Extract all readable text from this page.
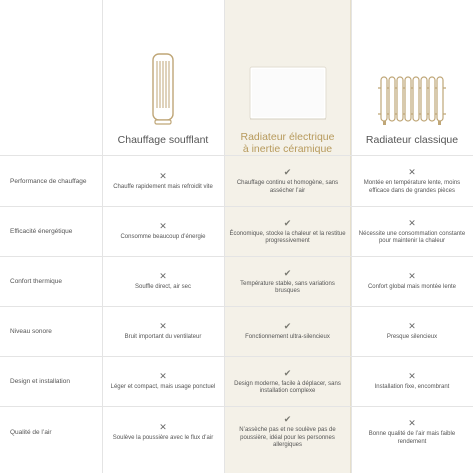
Chauffage soufflant	Radiateur électrique
à inertie céramique
Radiateur classique
Performance de chauffage
✕
Chauffe rapidement mais refroidit vite
✔
Chauffage continu et homogène, sans assécher l’air
✕
Montée en température lente, moins efficace dans de grandes pièces
Efficacité énergétique
✕
Consomme beaucoup d’énergie
✔
Économique, stocke la chaleur et la restitue progressivement
✕
Nécessite une consommation constante pour maintenir la chaleur
Confort thermique
✕
Souffle direct, air sec
✔
Température stable, sans variations brusques
✕
Confort global mais montée lente
Niveau sonore
✕
Bruit important du ventilateur
✔
Fonctionnement ultra-silencieux
✕
Presque silencieux
Design et installation
✕
Léger et compact, mais usage ponctuel
✔
Design moderne, facile à déplacer, sans installation complexe
✕
Installation fixe, encombrant
Qualité de l’air
✕
Soulève la poussière avec le flux d’air
✔
N’assèche pas et ne soulève pas de poussière, idéal pour les personnes allergiques
✕
Bonne qualité de l’air mais faible rendement
